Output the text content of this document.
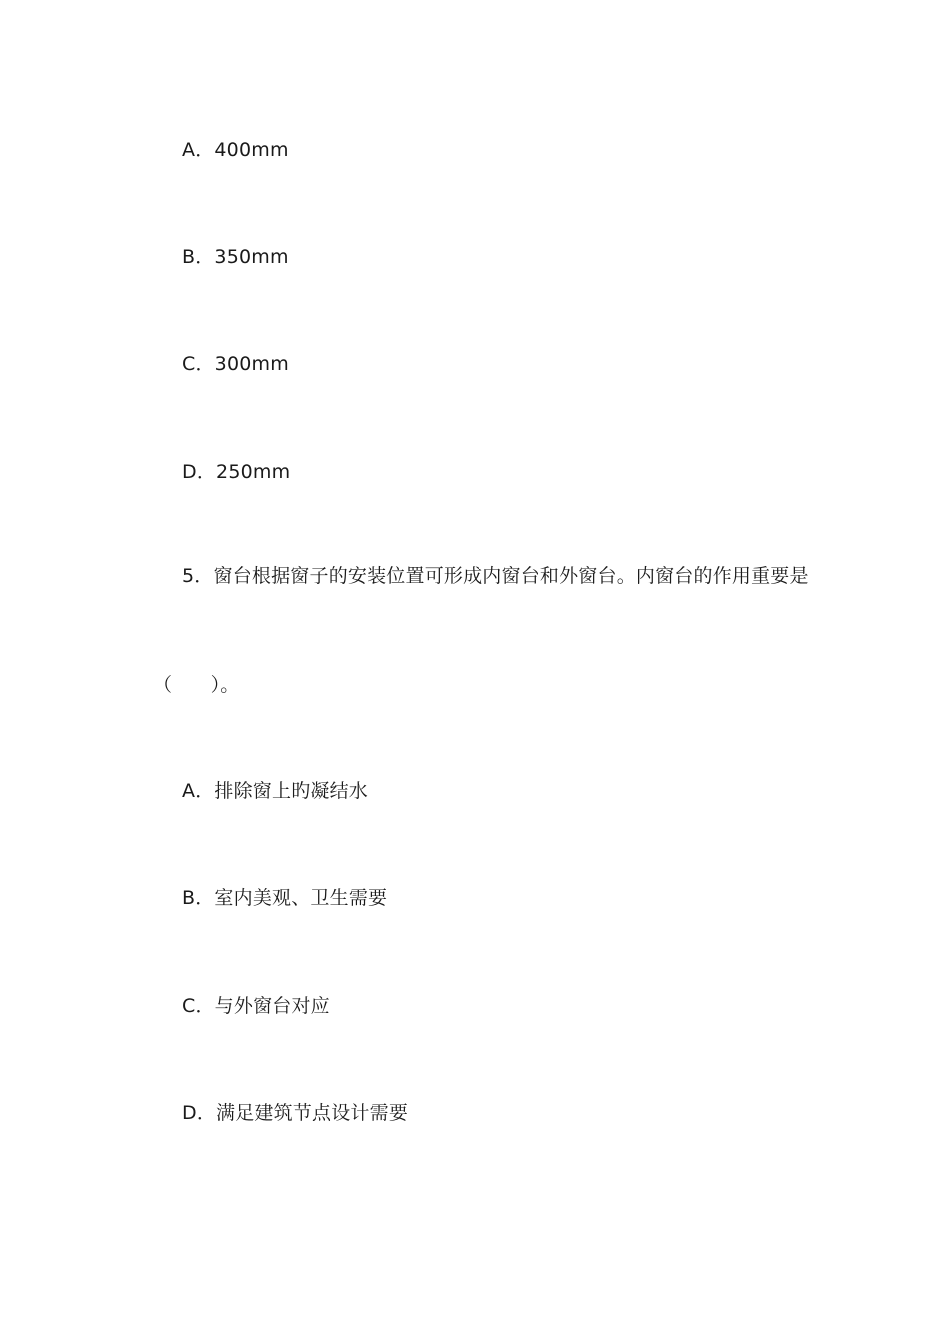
A．400mm
B．350mm
C．300mm
D．250mm
5．窗台根据窗子的安装位置可形成内窗台和外窗台。内窗台的作用重要是
（　　）。
A．排除窗上旳凝结水
B．室内美观、卫生需要
C．与外窗台对应
D．满足建筑节点设计需要
